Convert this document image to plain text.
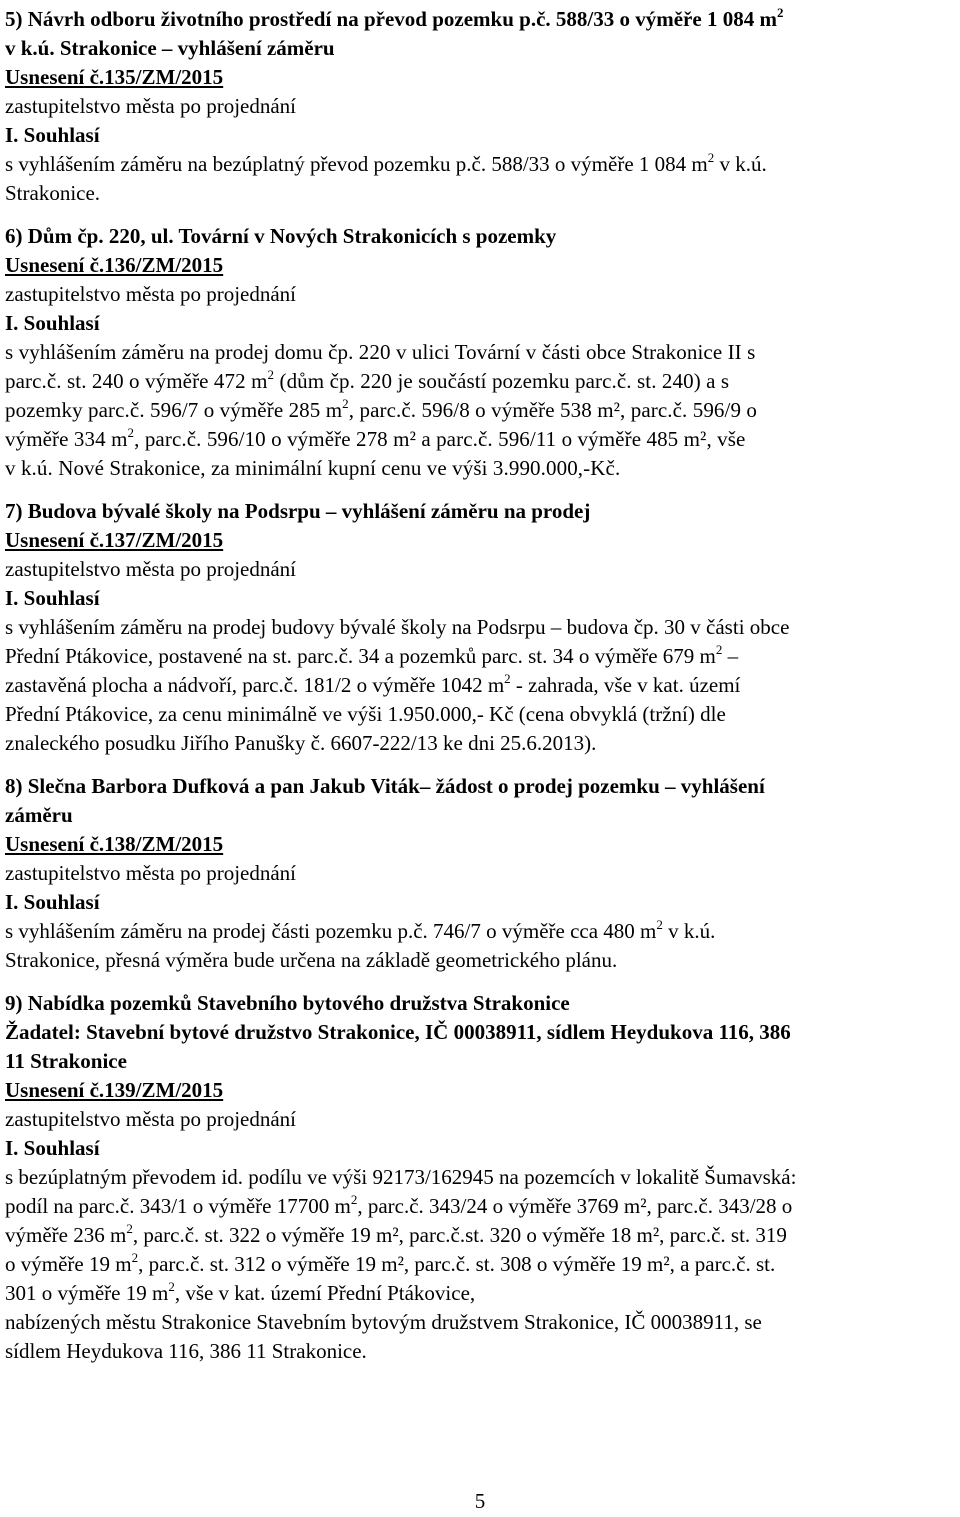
5) Návrh odboru životního prostředí na převod pozemku p.č. 588/33 o výměře 1 084 $m^2$
v k.ú. Strakonice – vyhlášení záměru
Usnesení č.135/ZM/2015
zastupitelstvo města po projednání
I. Souhlasí
s vyhlášením záměru na bezúplatný převod pozemku p.č. 588/33 o výměře 1 084 $m^2$ v k.ú.
Strakonice.
6) Dům čp. 220, ul. Tovární v Nových Strakonicích s pozemky
Usnesení č.136/ZM/2015
zastupitelstvo města po projednání
I. Souhlasí
s vyhlášením záměru na prodej domu čp. 220 v ulici Tovární v části obce Strakonice II s
parc.č. st. 240 o výměře 472 $m^2$ (dům čp. 220 je součástí pozemku parc.č. st. 240) a s
pozemky parc.č. 596/7 o výměře 285 $m^2$, parc.č. 596/8 o výměře 538 m², parc.č. 596/9 o
výměře 334 $m^2$, parc.č. 596/10 o výměře 278 m² a parc.č. 596/11 o výměře 485 m², vše
v k.ú. Nové Strakonice, za minimální kupní cenu ve výši 3.990.000,-Kč.
7) Budova bývalé školy na Podsrpu – vyhlášení záměru na prodej
Usnesení č.137/ZM/2015
zastupitelstvo města po projednání
I. Souhlasí
s vyhlášením záměru na prodej budovy bývalé školy na Podsrpu – budova čp. 30 v části obce
Přední Ptákovice, postavené na st. parc.č. 34 a pozemků parc. st. 34 o výměře 679 $m^2$ –
zastavěná plocha a nádvoří, parc.č. 181/2 o výměře 1042 $m^2$ - zahrada, vše v kat. území
Přední Ptákovice, za cenu minimálně ve výši 1.950.000,- Kč (cena obvyklá (tržní) dle
znaleckého posudku Jiřího Panušky č. 6607-222/13 ke dni 25.6.2013).
8) Slečna Barbora Dufková a pan Jakub Viták– žádost o prodej pozemku – vyhlášení
záměru
Usnesení č.138/ZM/2015
zastupitelstvo města po projednání
I. Souhlasí
s vyhlášením záměru na prodej části pozemku p.č. 746/7 o výměře cca 480 $m^2$ v k.ú.
Strakonice, přesná výměra bude určena na základě geometrického plánu.
9) Nabídka pozemků Stavebního bytového družstva Strakonice
Žadatel: Stavební bytové družstvo Strakonice, IČ 00038911, sídlem Heydukova 116, 386
11 Strakonice
Usnesení č.139/ZM/2015
zastupitelstvo města po projednání
I. Souhlasí
s bezúplatným převodem id. podílu ve výši 92173/162945 na pozemcích v lokalitě Šumavská:
podíl na parc.č. 343/1 o výměře 17700 $m^2$, parc.č. 343/24 o výměře 3769 m², parc.č. 343/28 o
výměře 236 $m^2$, parc.č. st. 322 o výměře 19 m², parc.č.st. 320 o výměře 18 m², parc.č. st. 319
o výměře 19 $m^2$, parc.č. st. 312 o výměře 19 m², parc.č. st. 308 o výměře 19 m², a parc.č. st.
301 o výměře 19 $m^2$, vše v kat. území Přední Ptákovice,
nabízených městu Strakonice Stavebním bytovým družstvem Strakonice, IČ 00038911, se
sídlem Heydukova 116, 386 11 Strakonice.
5
